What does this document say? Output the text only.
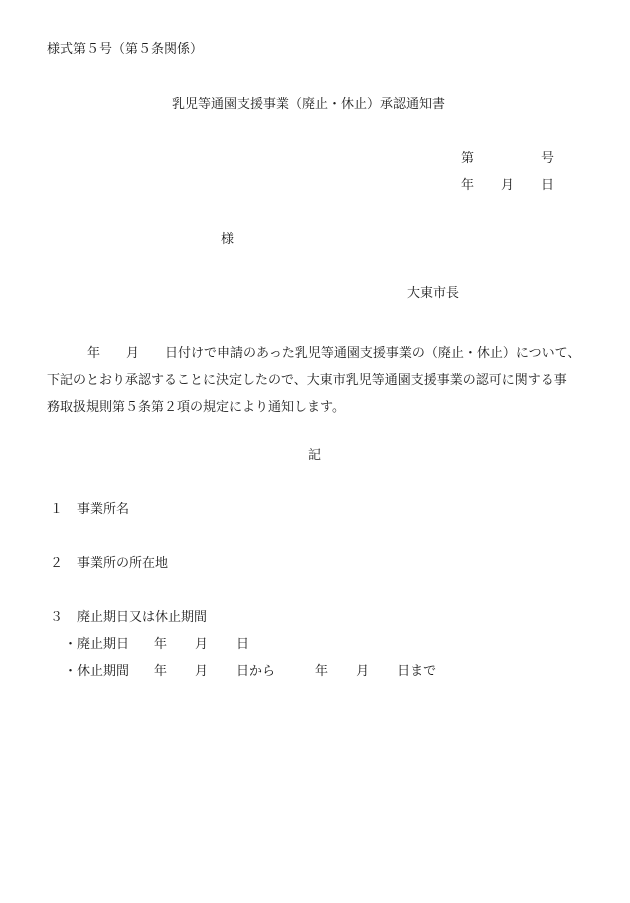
様式第５号（第５条関係）
乳児等通園支援事業（廃止・休止）承認通知書
第	号
年 月 日
様
大東市長
年 月 日付けで申請のあった乳児等通園支援事業の（廃止・休止）について、
下記のとおり承認することに決定したので、大東市乳児等通園支援事業の認可に関する事
務取扱規則第５条第２項の規定により通知します。
記
１ 事業所名
２ 事業所の所在地
３ 廃止期日又は休止期間
・廃止期日 年 月 日
・休止期間 年 月 日から	年 月 日まで
